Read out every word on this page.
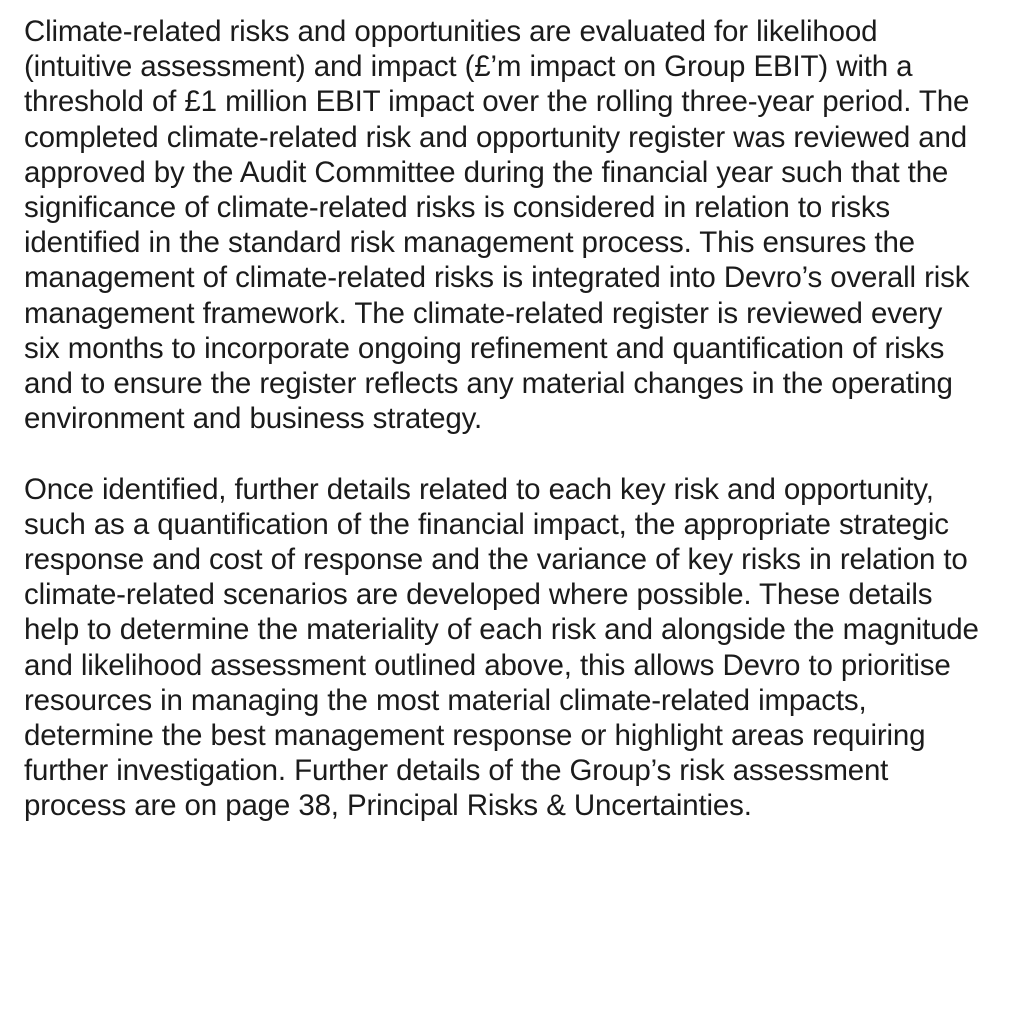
Climate-related risks and opportunities are evaluated for likelihood (intuitive assessment) and impact (£’m impact on Group EBIT) with a threshold of £1 million EBIT impact over the rolling three-year period. The completed climate-related risk and opportunity register was reviewed and approved by the Audit Committee during the financial year such that the significance of climate-related risks is considered in relation to risks identified in the standard risk management process. This ensures the management of climate-related risks is integrated into Devro’s overall risk management framework. The climate-related register is reviewed every
six months to incorporate ongoing refinement and quantification of risks and to ensure the register reflects any material changes in the operating environment and business strategy.

Once identified, further details related to each key risk and opportunity, such as a quantification of the financial impact, the appropriate strategic response and cost of response and the variance of key risks in relation to climate-related scenarios are developed where possible. These details help to determine the materiality of each risk and alongside the magnitude and likelihood assessment outlined above, this allows Devro to prioritise resources in managing the most material climate-related impacts, determine the best management response or highlight areas requiring further investigation. Further details of the Group’s risk assessment process are on page 38, Principal Risks & Uncertainties.
